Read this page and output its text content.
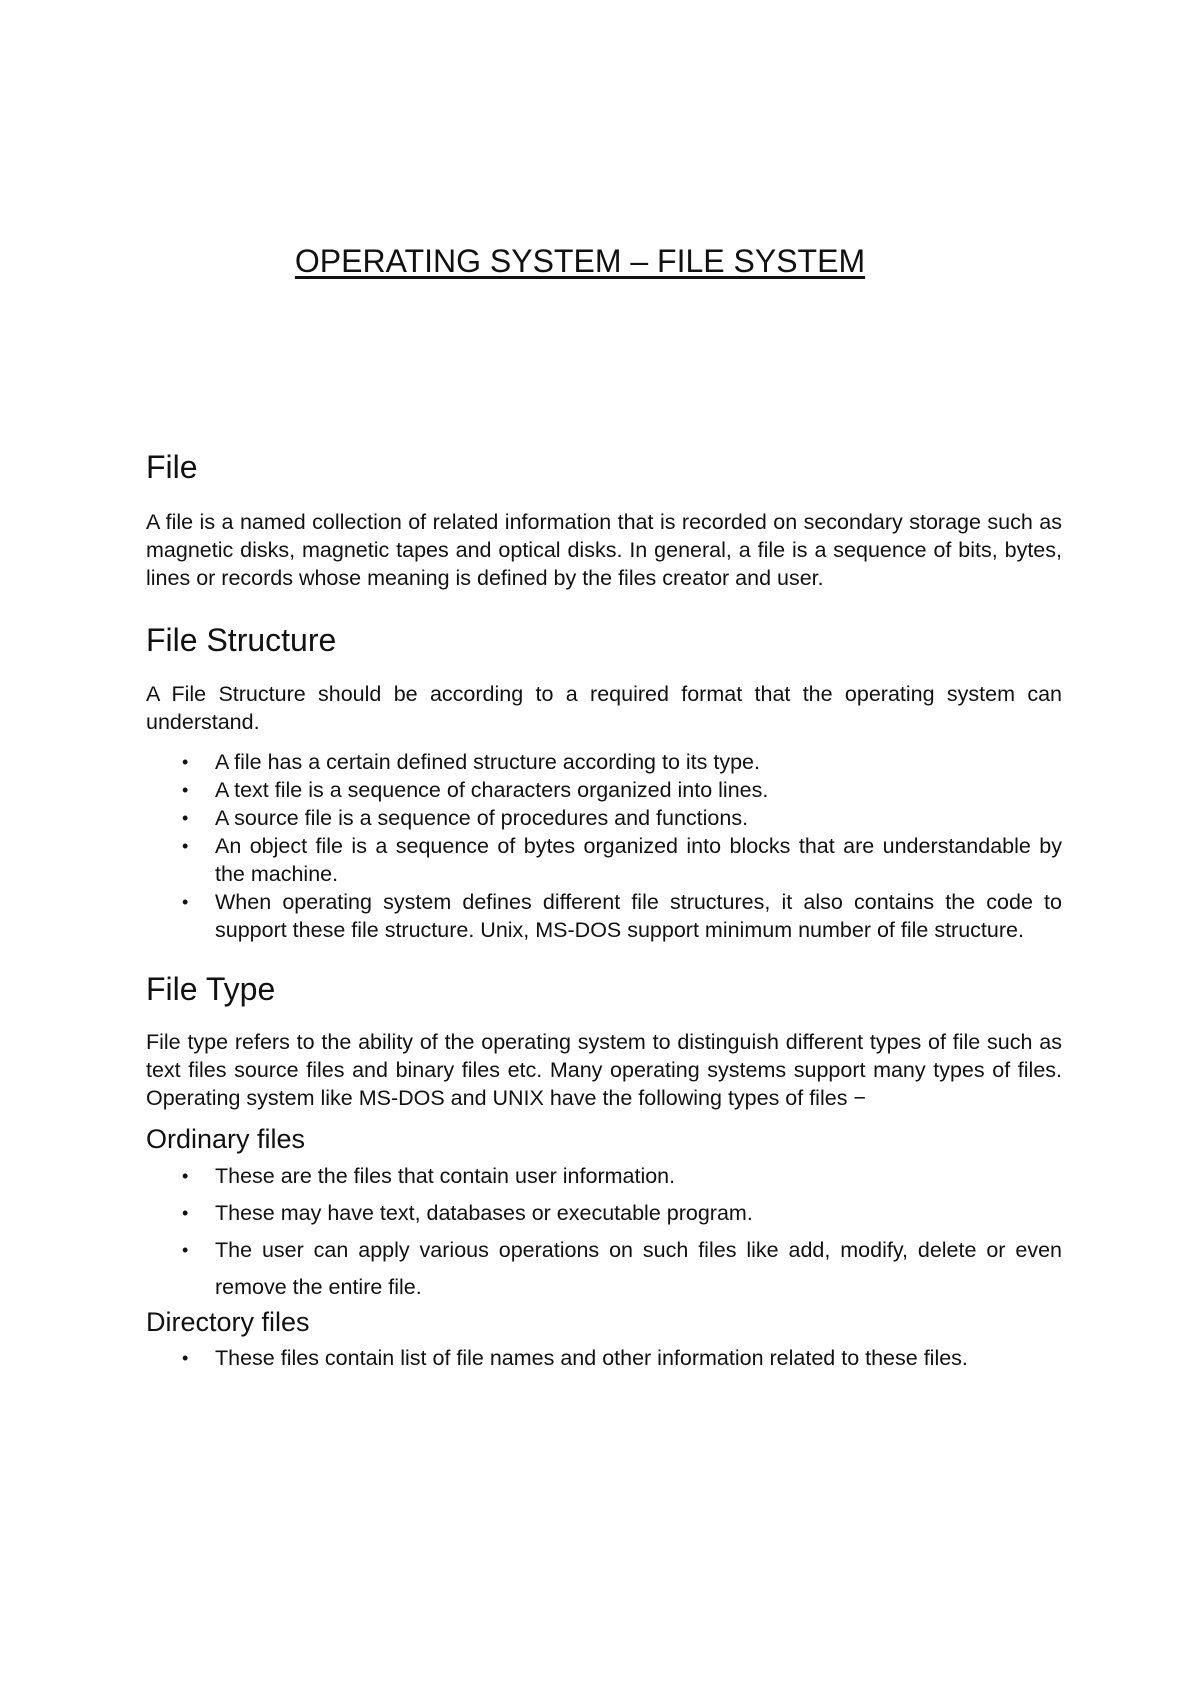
OPERATING SYSTEM – FILE SYSTEM
File

A file is a named collection of related information that is recorded on secondary storage such as magnetic disks, magnetic tapes and optical disks. In general, a file is a sequence of bits, bytes, lines or records whose meaning is defined by the files creator and user.

File Structure

A File Structure should be according to a required format that the operating system can understand.

• A file has a certain defined structure according to its type.
• A text file is a sequence of characters organized into lines.
• A source file is a sequence of procedures and functions.
• An object file is a sequence of bytes organized into blocks that are understandable by the machine.
• When operating system defines different file structures, it also contains the code to support these file structure. Unix, MS-DOS support minimum number of file structure.
File Type

File type refers to the ability of the operating system to distinguish different types of file such as text files source files and binary files etc. Many operating systems support many types of files. Operating system like MS-DOS and UNIX have the following types of files −

Ordinary files
• These are the files that contain user information.
• These may have text, databases or executable program.
• The user can apply various operations on such files like add, modify, delete or even remove the entire file.
Directory files
• These files contain list of file names and other information related to these files.
